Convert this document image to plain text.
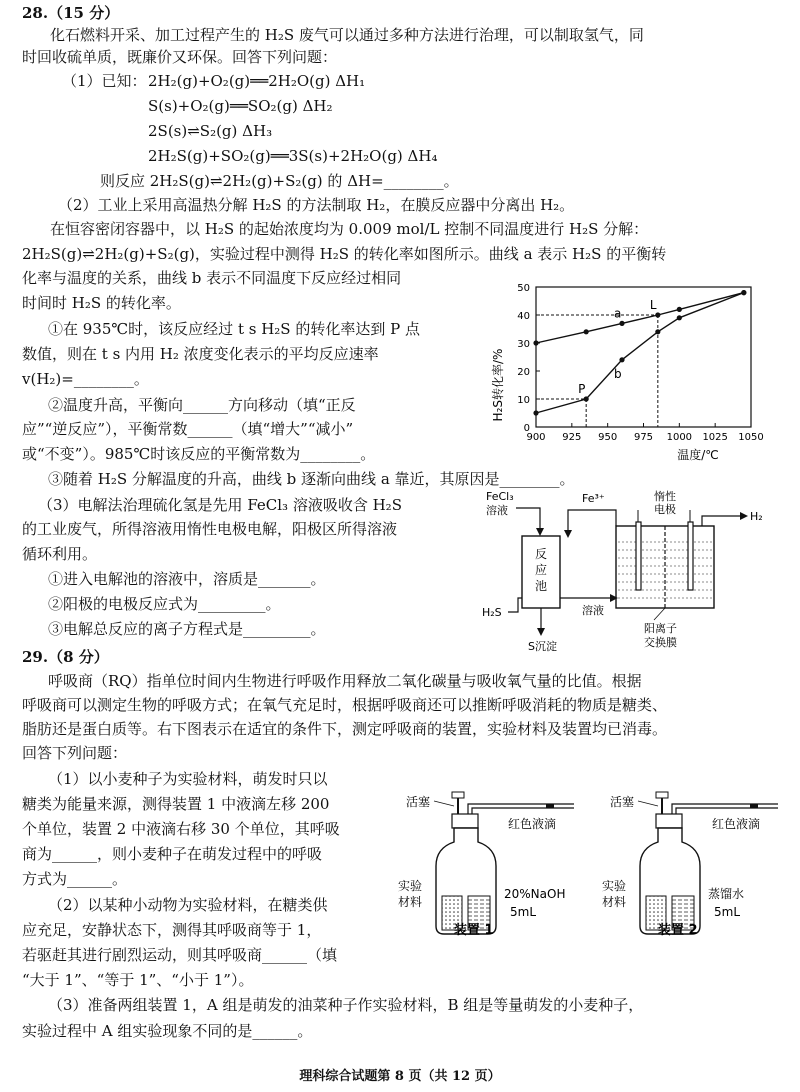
28.（15 分）
化石燃料开采、加工过程产生的 H₂S 废气可以通过多种方法进行治理，可以制取氢气，同
时回收硫单质，既廉价又环保。回答下列问题：
（1）已知： 2H₂(g)+O₂(g)══2H₂O(g) ΔH₁
S(s)+O₂(g)══SO₂(g) ΔH₂
2S(s)⇌S₂(g) ΔH₃
2H₂S(g)+SO₂(g)══3S(s)+2H₂O(g) ΔH₄
则反应 2H₂S(g)⇌2H₂(g)+S₂(g) 的 ΔH=________。
（2）工业上采用高温热分解 H₂S 的方法制取 H₂，在膜反应器中分离出 H₂。
在恒容密闭容器中，以 H₂S 的起始浓度均为 0.009 mol/L 控制不同温度进行 H₂S 分解：
2H₂S(g)⇌2H₂(g)+S₂(g)，实验过程中测得 H₂S 的转化率如图所示。曲线 a 表示 H₂S 的平衡转
化率与温度的关系，曲线 b 表示不同温度下反应经过相同
时间时 H₂S 的转化率。
①在 935℃时，该反应经过 t s H₂S 的转化率达到 P 点
数值，则在 t s 内用 H₂ 浓度变化表示的平均反应速率
v(H₂)=________。
②温度升高，平衡向______方向移动（填“正反
应”“逆反应”），平衡常数______（填“增大”“减小”
或“不变”）。985℃时该反应的平衡常数为________。
③随着 H₂S 分解温度的升高，曲线 b 逐渐向曲线 a 靠近，其原因是________。
（3）电解法治理硫化氢是先用 FeCl₃ 溶液吸收含 H₂S
的工业废气，所得溶液用惰性电极电解，阳极区所得溶液
循环利用。
①进入电解池的溶液中，溶质是_______。
②阳极的电极反应式为_________。
③电解总反应的离子方程式是_________。
900 925 950 975 1000 1025 1050
0
10
20
30
40
50
a
b
P
L
H₂S转化率/%
温度/℃
FeCl₃
溶液
反
应
池
Fe³⁺	惰性
电极
H₂
H₂S	溶液
S沉淀
阳离子
交换膜
29.（8 分）
呼吸商（RQ）指单位时间内生物进行呼吸作用释放二氧化碳量与吸收氧气量的比值。根据
呼吸商可以测定生物的呼吸方式；在氧气充足时，根据呼吸商还可以推断呼吸消耗的物质是糖类、
脂肪还是蛋白质等。右下图表示在适宜的条件下，测定呼吸商的装置，实验材料及装置均已消毒。
回答下列问题：
（1）以小麦种子为实验材料，萌发时只以
糖类为能量来源，测得装置 1 中液滴左移 200
个单位，装置 2 中液滴右移 30 个单位，其呼吸
商为______，则小麦种子在萌发过程中的呼吸
方式为______。
（2）以某种小动物为实验材料，在糖类供
应充足，安静状态下，测得其呼吸商等于 1，
若驱赶其进行剧烈运动，则其呼吸商______（填
“大于 1”、“等于 1”、“小于 1”）。
（3）准备两组装置 1，A 组是萌发的油菜种子作实验材料，B 组是等量萌发的小麦种子，
实验过程中 A 组实验现象不同的是______。
活塞
红色液滴
实验
材料
20%NaOH
5mL
装置 1
活塞
红色液滴
实验
材料
蒸馏水
5mL
装置 2
理科综合试题第 8 页（共 12 页）
